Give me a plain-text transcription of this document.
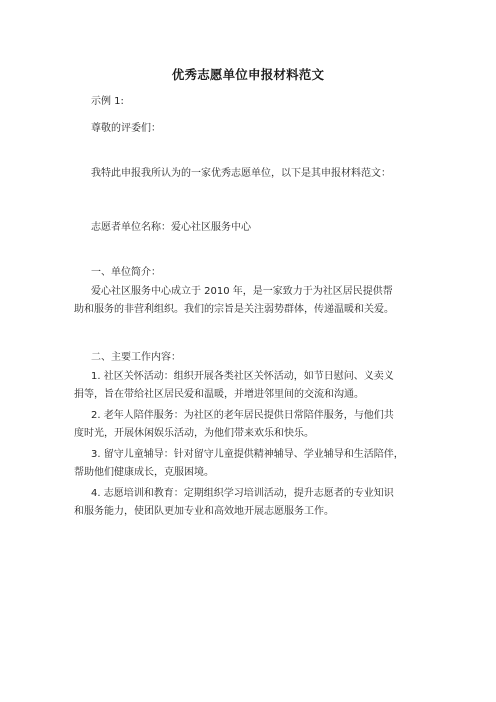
优秀志愿单位申报材料范文
示例 1:
尊敬的评委们：
我特此申报我所认为的一家优秀志愿单位，以下是其申报材料范文：
志愿者单位名称：爱心社区服务中心
一、单位简介：
爱心社区服务中心成立于 2010 年，是一家致力于为社区居民提供帮
助和服务的非营利组织。我们的宗旨是关注弱势群体，传递温暖和关爱。
二、主要工作内容：
1. 社区关怀活动：组织开展各类社区关怀活动，如节日慰问、义卖义
捐等，旨在带给社区居民爱和温暖，并增进邻里间的交流和沟通。
2. 老年人陪伴服务：为社区的老年居民提供日常陪伴服务，与他们共
度时光，开展休闲娱乐活动，为他们带来欢乐和快乐。
3. 留守儿童辅导：针对留守儿童提供精神辅导、学业辅导和生活陪伴，
帮助他们健康成长，克服困境。
4. 志愿培训和教育：定期组织学习培训活动，提升志愿者的专业知识
和服务能力，使团队更加专业和高效地开展志愿服务工作。
